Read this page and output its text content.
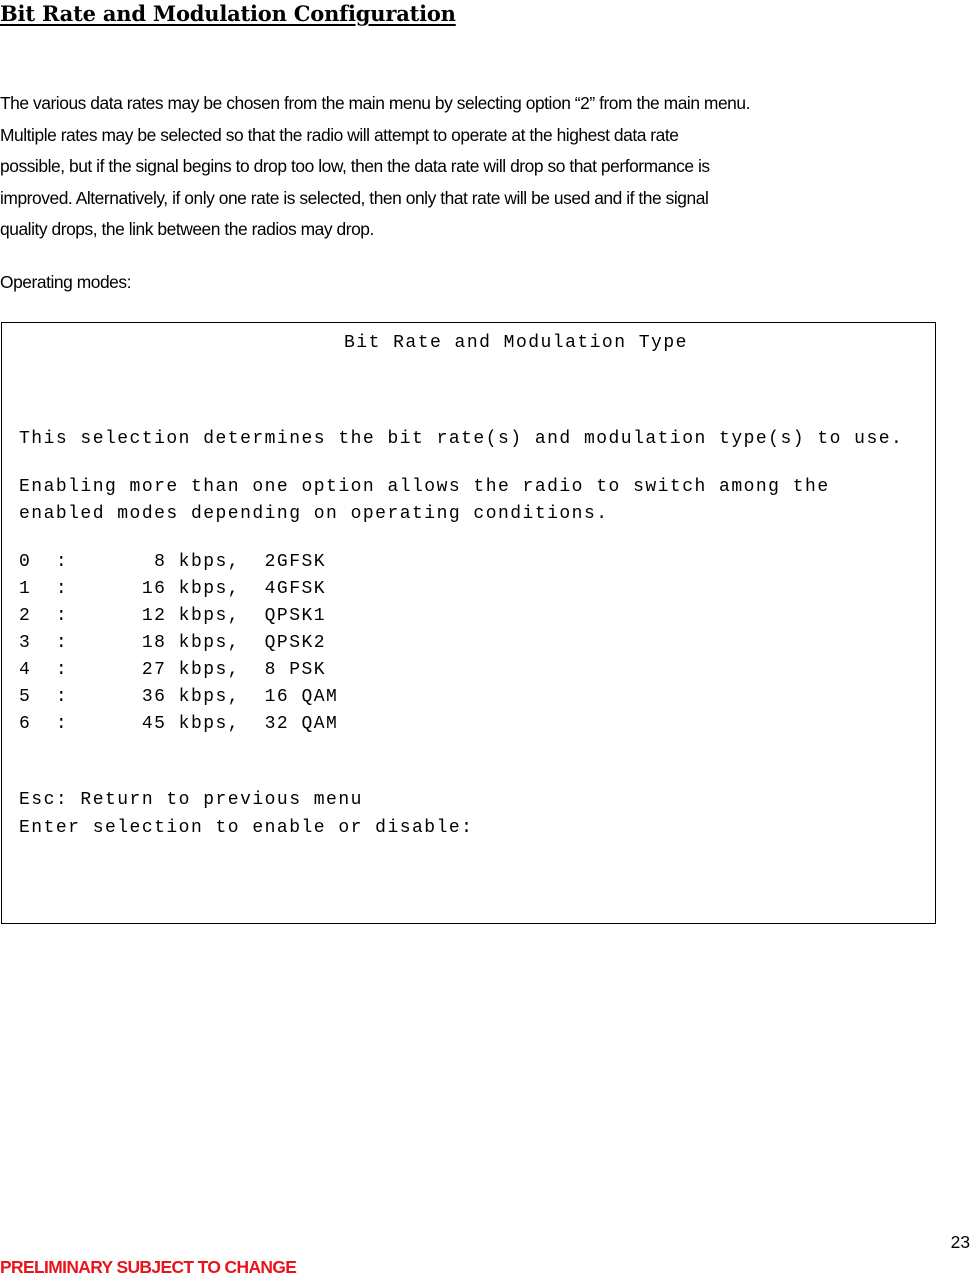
Bit Rate and Modulation Configuration
The various data rates may be chosen from the main menu by selecting option “2” from the main menu.
Multiple rates may be selected so that the radio will attempt to operate at the highest data rate
possible, but if the signal begins to drop too low, then the data rate will drop so that performance is
improved. Alternatively, if only one rate is selected, then only that rate will be used and if the signal
quality drops, the link between the radios may drop.

Operating modes:

Bit Rate and Modulation Type

This selection determines the bit rate(s) and modulation type(s) to use.

Enabling more than one option allows the radio to switch among the

enabled modes depending on operating conditions.

0  :       8 kbps,  2GFSK

1  :      16 kbps,  4GFSK

2  :      12 kbps,  QPSK1

3  :      18 kbps,  QPSK2

4  :      27 kbps,  8 PSK

5  :      36 kbps,  16 QAM

6  :      45 kbps,  32 QAM

Esc: Return to previous menu

Enter selection to enable or disable:

23
PRELIMINARY SUBJECT TO CHANGE
